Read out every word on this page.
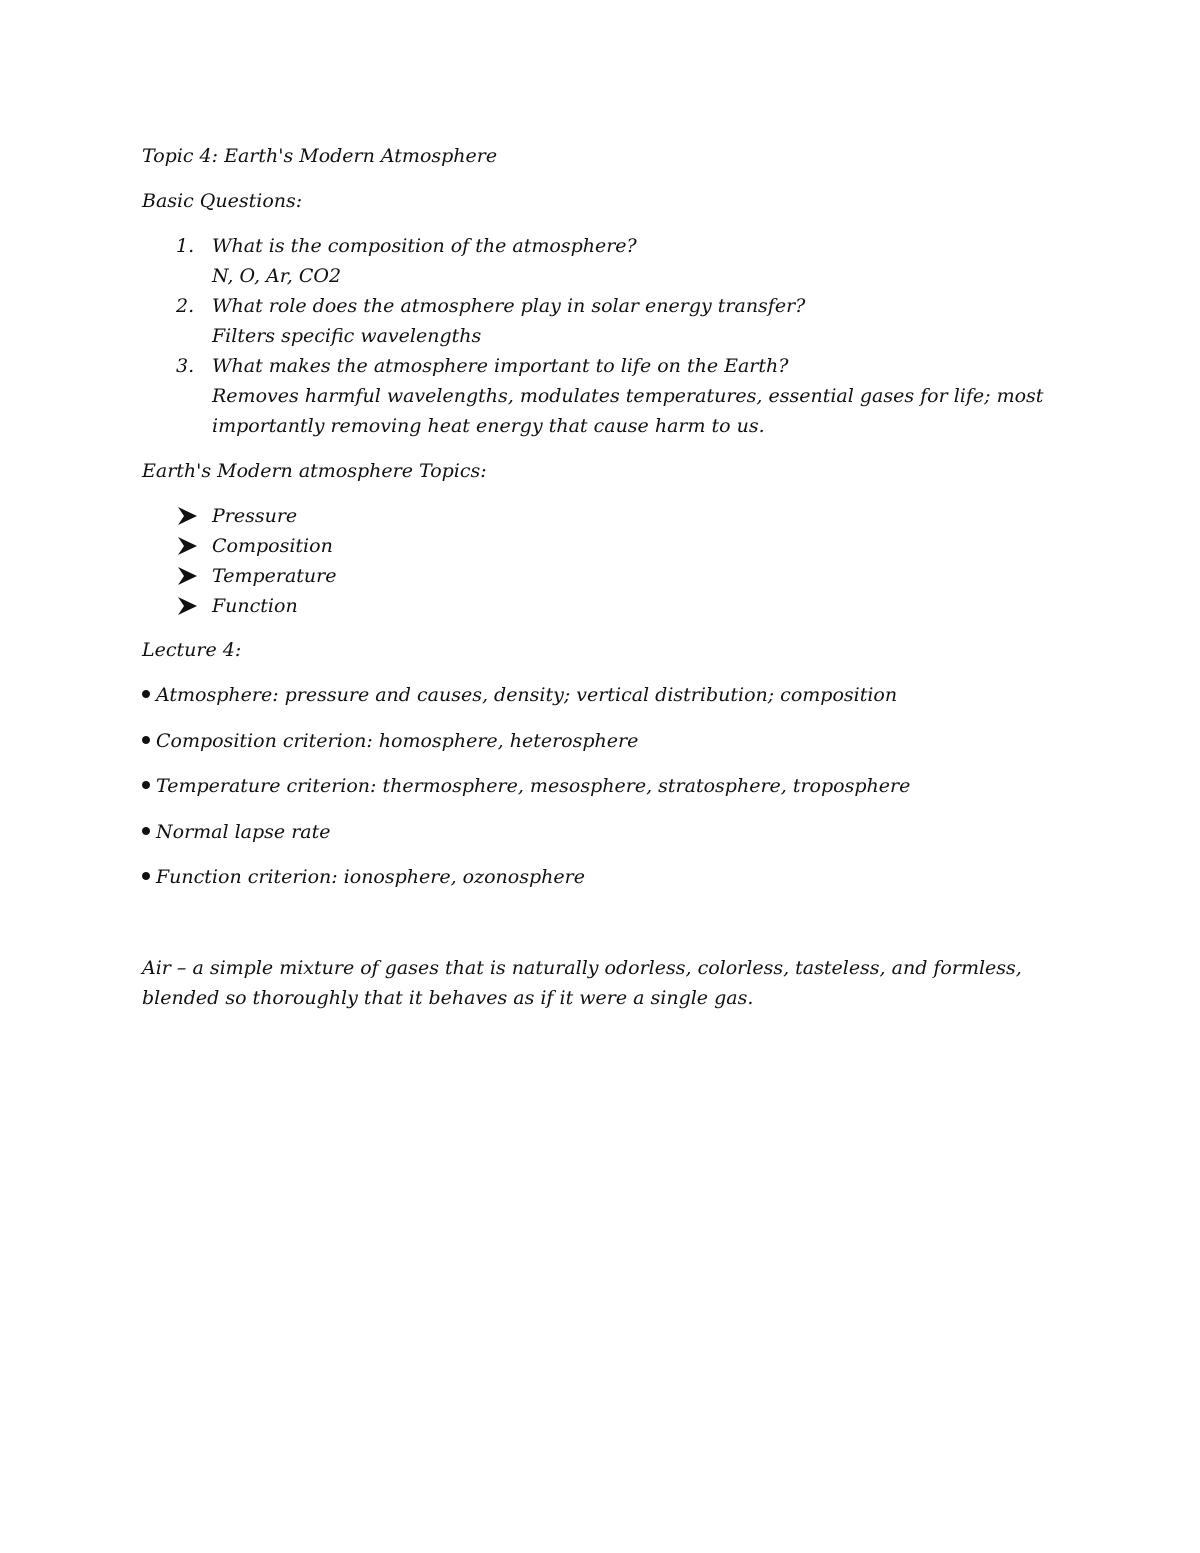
Topic 4: Earth's Modern Atmosphere
Basic Questions:
1. What is the composition of the atmosphere?
N, O, Ar, CO2
2. What role does the atmosphere play in solar energy transfer?
Filters specific wavelengths
3. What makes the atmosphere important to life on the Earth?
Removes harmful wavelengths, modulates temperatures, essential gases for life; most importantly removing heat energy that cause harm to us.
Earth's Modern atmosphere Topics:
Pressure
Composition
Temperature
Function
Lecture 4:
Atmosphere: pressure and causes, density; vertical distribution; composition
Composition criterion: homosphere, heterosphere
Temperature criterion: thermosphere, mesosphere, stratosphere, troposphere
Normal lapse rate
Function criterion: ionosphere, ozonosphere
Air – a simple mixture of gases that is naturally odorless, colorless, tasteless, and formless, blended so thoroughly that it behaves as if it were a single gas.
